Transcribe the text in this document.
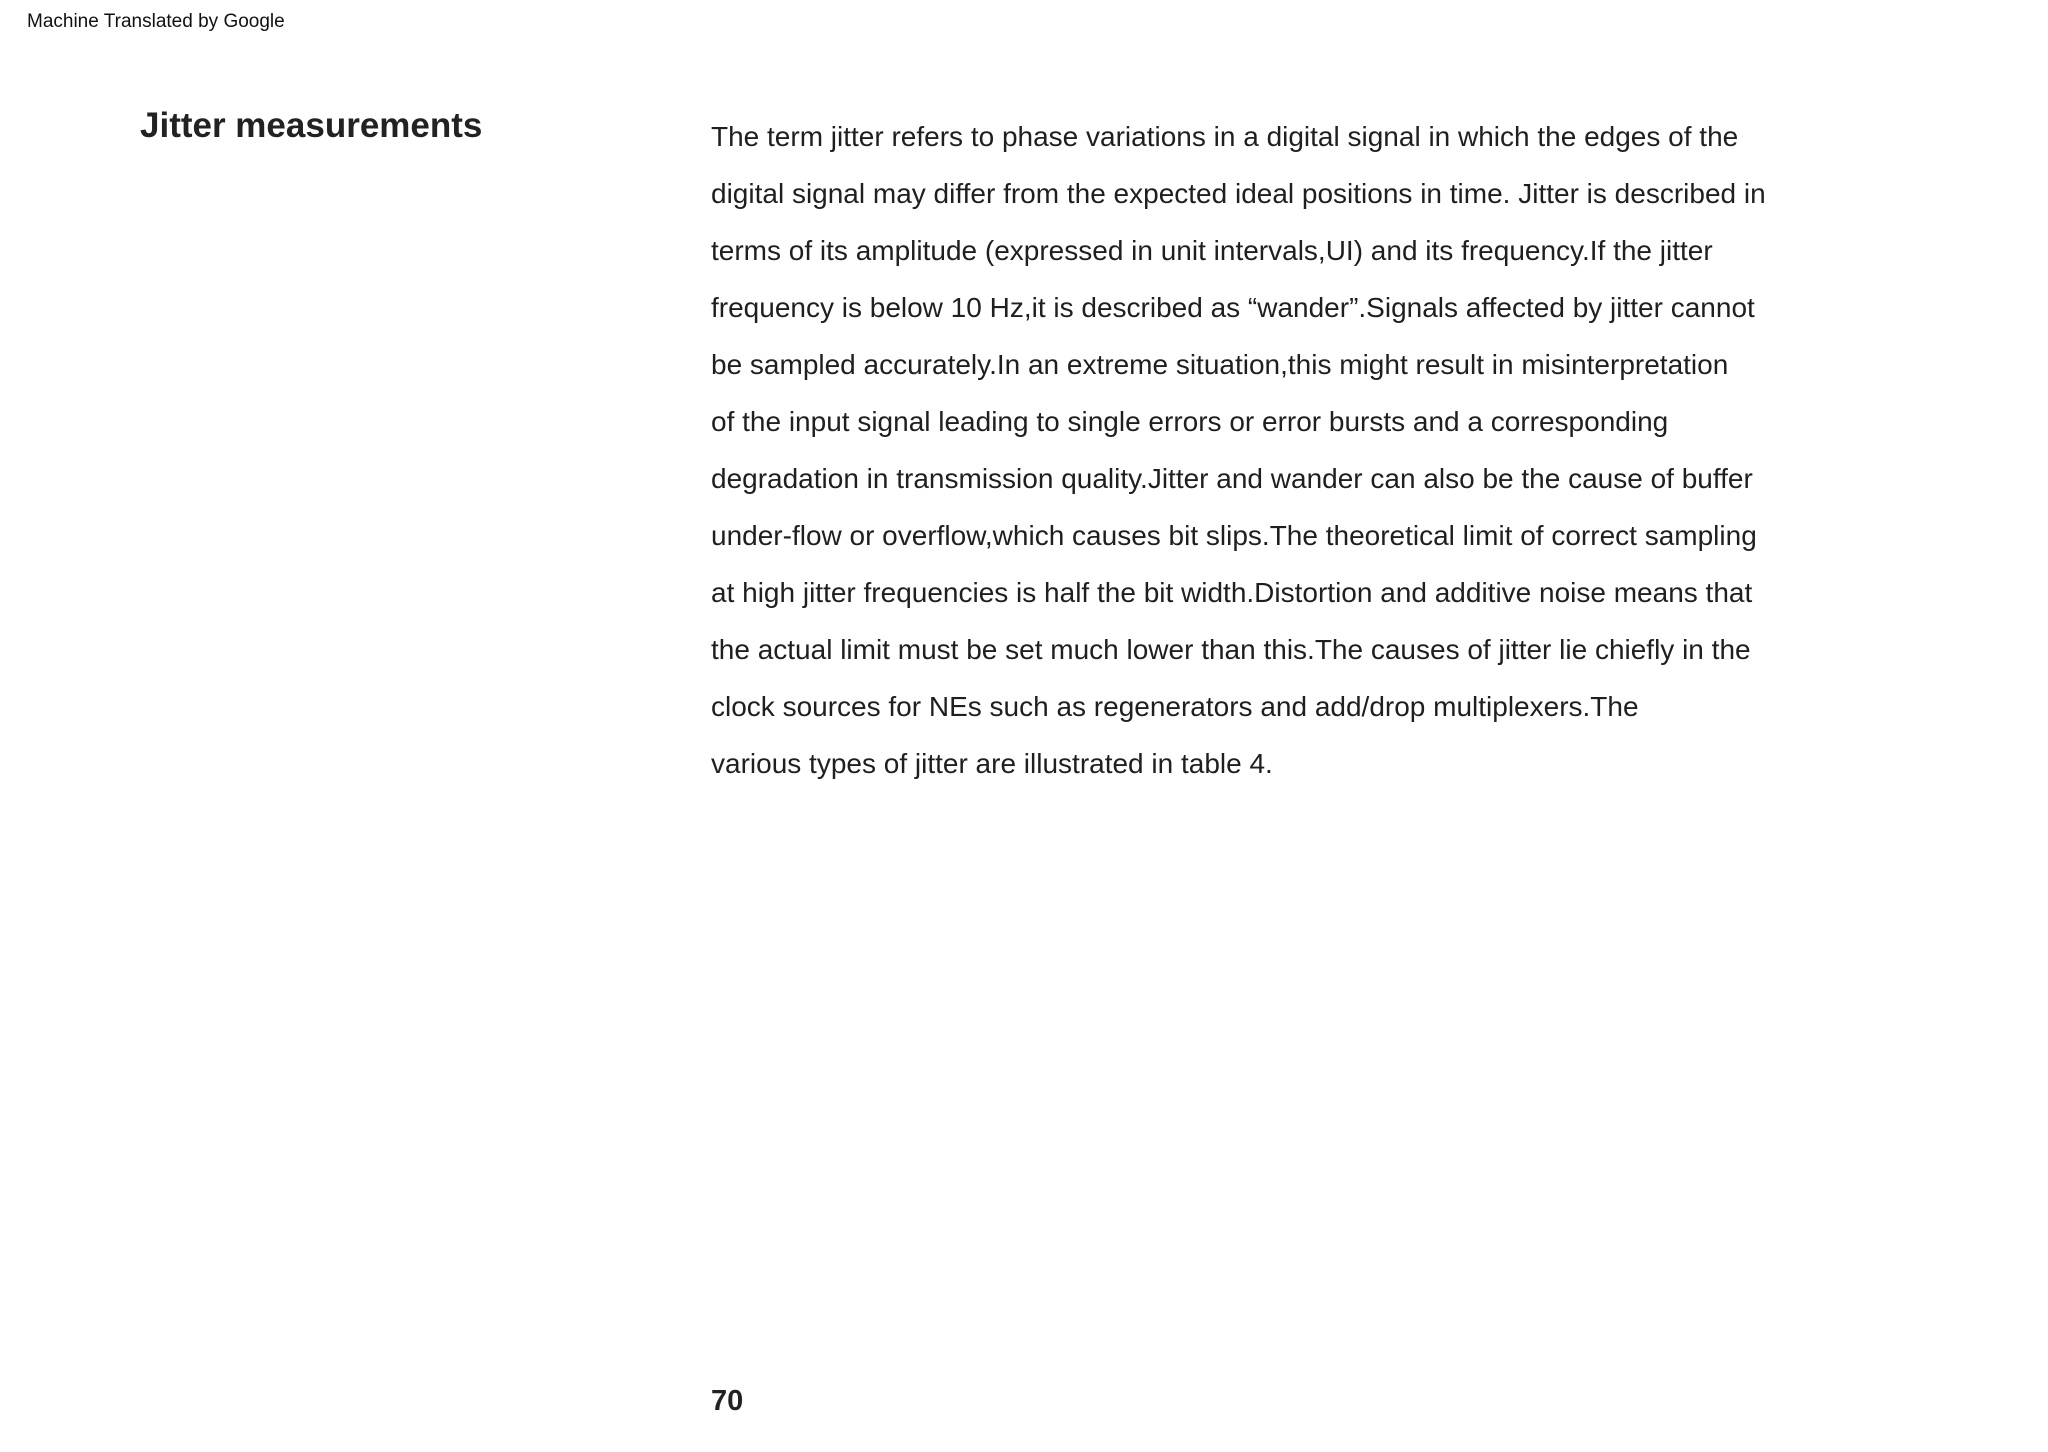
Machine Translated by Google
Jitter measurements	The term jitter refers to phase variations in a digital signal in which the edges of the
digital signal may differ from the expected ideal positions in time. Jitter is described in
terms of its amplitude (expressed in unit intervals,UI) and its frequency.If the jitter
frequency is below 10 Hz,it is described as “wander”.Signals affected by jitter cannot
be sampled accurately.In an extreme situation,this might result in misinterpretation
of the input signal leading to single errors or error bursts and a corresponding
degradation in transmission quality.Jitter and wander can also be the cause of buffer
under-flow or overflow,which causes bit slips.The theoretical limit of correct sampling
at high jitter frequencies is half the bit width.Distortion and additive noise means that
the actual limit must be set much lower than this.The causes of jitter lie chiefly in the
clock sources for NEs such as regenerators and add/drop multiplexers.The
various types of jitter are illustrated in table 4.
70
